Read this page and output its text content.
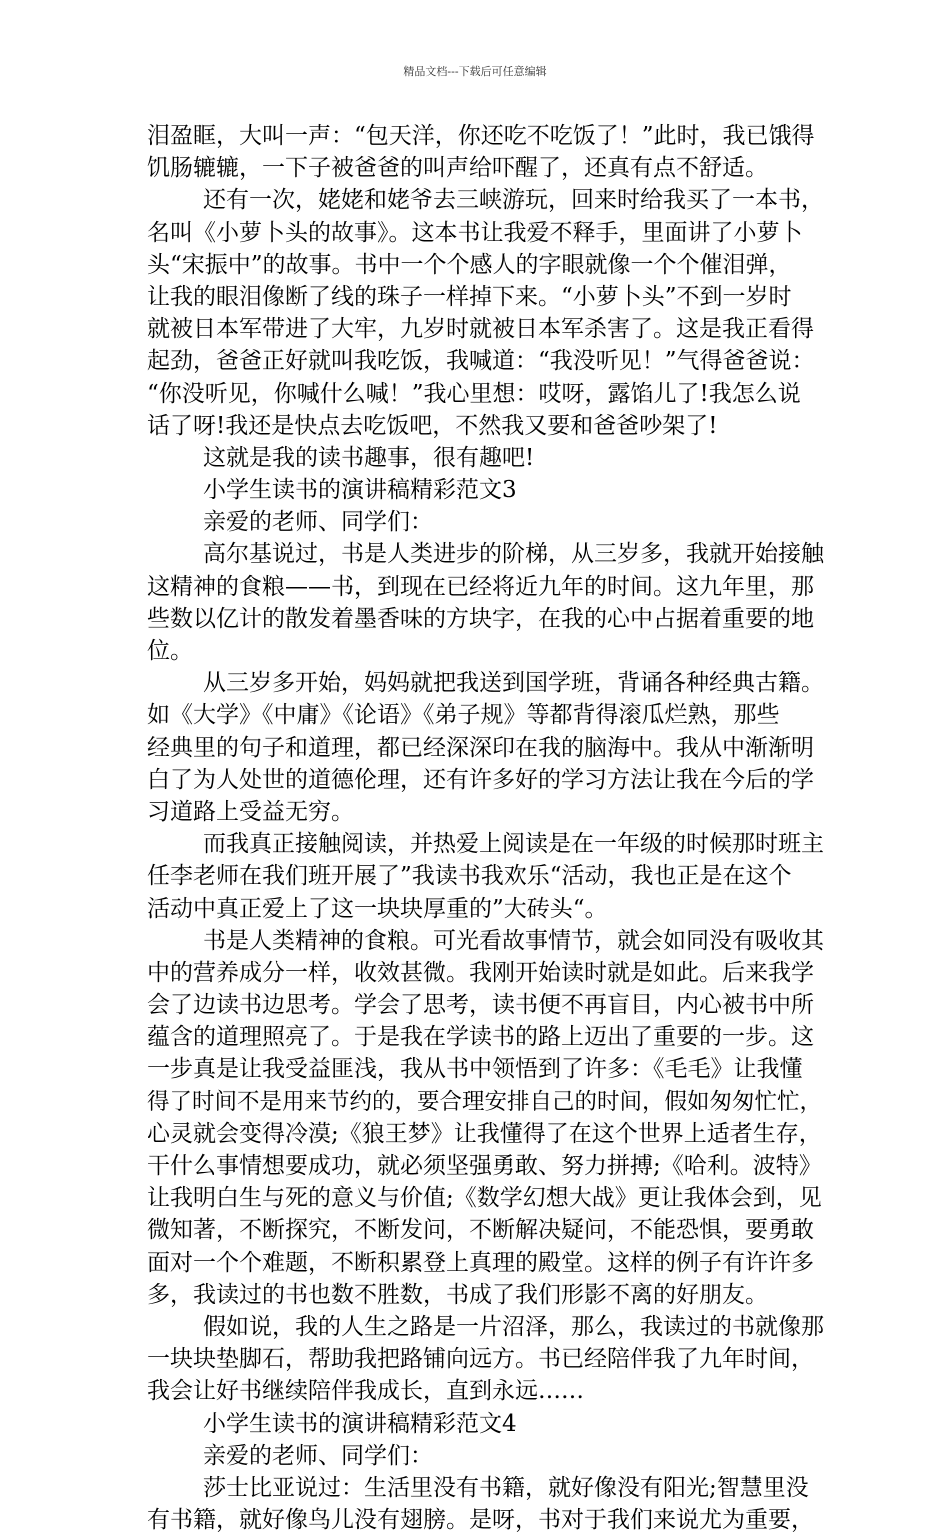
精品文档---下载后可任意编辑
泪盈眶，大叫一声：“包天洋，你还吃不吃饭了！”此时，我已饿得
饥肠辘辘，一下子被爸爸的叫声给吓醒了，还真有点不舒适。
还有一次，姥姥和姥爷去三峡游玩，回来时给我买了一本书，
名叫《小萝卜头的故事》。这本书让我爱不释手，里面讲了小萝卜
头“宋振中”的故事。书中一个个感人的字眼就像一个个催泪弹，
让我的眼泪像断了线的珠子一样掉下来。“小萝卜头”不到一岁时
就被日本军带进了大牢，九岁时就被日本军杀害了。这是我正看得
起劲，爸爸正好就叫我吃饭，我喊道：“我没听见！”气得爸爸说：
“你没听见，你喊什么喊！”我心里想：哎呀，露馅儿了!我怎么说
话了呀!我还是快点去吃饭吧，不然我又要和爸爸吵架了!
这就是我的读书趣事，很有趣吧!
小学生读书的演讲稿精彩范文3
亲爱的老师、同学们：
高尔基说过，书是人类进步的阶梯，从三岁多，我就开始接触
这精神的食粮——书，到现在已经将近九年的时间。这九年里，那
些数以亿计的散发着墨香味的方块字，在我的心中占据着重要的地
位。
从三岁多开始，妈妈就把我送到国学班，背诵各种经典古籍。
如《大学》《中庸》《论语》《弟子规》等都背得滚瓜烂熟，那些
经典里的句子和道理，都已经深深印在我的脑海中。我从中渐渐明
白了为人处世的道德伦理，还有许多好的学习方法让我在今后的学
习道路上受益无穷。
而我真正接触阅读，并热爱上阅读是在一年级的时候那时班主
任李老师在我们班开展了”我读书我欢乐“活动，我也正是在这个
活动中真正爱上了这一块块厚重的”大砖头“。
书是人类精神的食粮。可光看故事情节，就会如同没有吸收其
中的营养成分一样，收效甚微。我刚开始读时就是如此。后来我学
会了边读书边思考。学会了思考，读书便不再盲目，内心被书中所
蕴含的道理照亮了。于是我在学读书的路上迈出了重要的一步。这
一步真是让我受益匪浅，我从书中领悟到了许多：《毛毛》让我懂
得了时间不是用来节约的，要合理安排自己的时间，假如匆匆忙忙，
心灵就会变得冷漠;《狼王梦》让我懂得了在这个世界上适者生存，
干什么事情想要成功，就必须坚强勇敢、努力拼搏;《哈利。波特》
让我明白生与死的意义与价值;《数学幻想大战》更让我体会到，见
微知著，不断探究，不断发问，不断解决疑问，不能恐惧，要勇敢
面对一个个难题，不断积累登上真理的殿堂。这样的例子有许许多
多，我读过的书也数不胜数，书成了我们形影不离的好朋友。
假如说，我的人生之路是一片沼泽，那么，我读过的书就像那
一块块垫脚石，帮助我把路铺向远方。书已经陪伴我了九年时间，
我会让好书继续陪伴我成长，直到永远……
小学生读书的演讲稿精彩范文4
亲爱的老师、同学们：
莎士比亚说过：生活里没有书籍，就好像没有阳光;智慧里没
有书籍，就好像鸟儿没有翅膀。是呀，书对于我们来说尤为重要，
